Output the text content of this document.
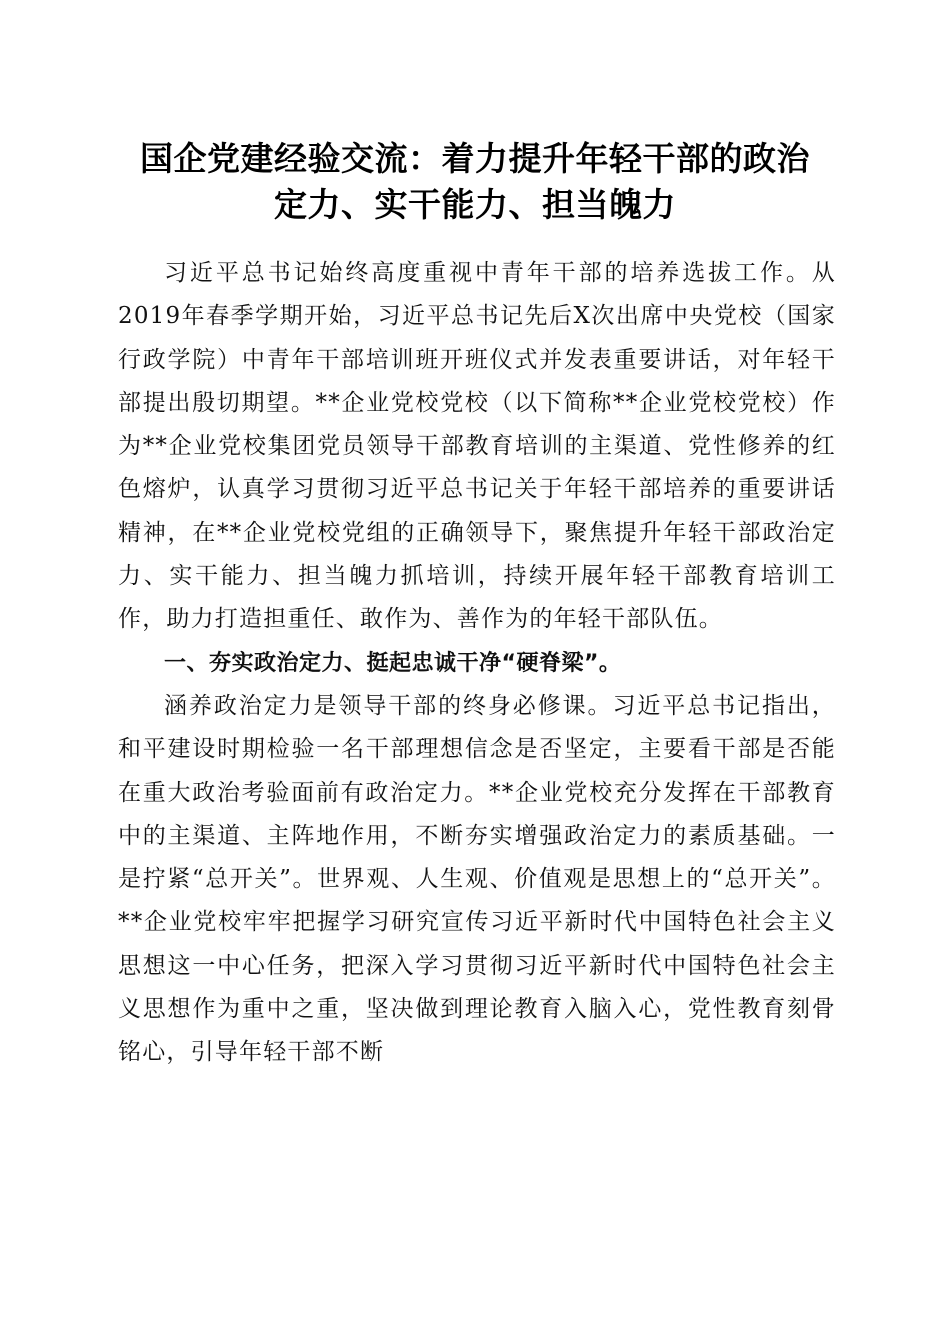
国企党建经验交流：着力提升年轻干部的政治
定力、实干能力、担当魄力

习近平总书记始终高度重视中青年干部的培养选拔工作。从2019年春季学期开始，习近平总书记先后X次出席中央党校（国家行政学院）中青年干部培训班开班仪式并发表重要讲话，对年轻干部提出殷切期望。**企业党校党校（以下简称**企业党校党校）作为**企业党校集团党员领导干部教育培训的主渠道、党性修养的红色熔炉，认真学习贯彻习近平总书记关于年轻干部培养的重要讲话精神，在**企业党校党组的正确领导下，聚焦提升年轻干部政治定力、实干能力、担当魄力抓培训，持续开展年轻干部教育培训工作，助力打造担重任、敢作为、善作为的年轻干部队伍。

一、夯实政治定力、挺起忠诚干净“硬脊梁”。

涵养政治定力是领导干部的终身必修课。习近平总书记指出，和平建设时期检验一名干部理想信念是否坚定，主要看干部是否能在重大政治考验面前有政治定力。**企业党校充分发挥在干部教育中的主渠道、主阵地作用，不断夯实增强政治定力的素质基础。一是拧紧“总开关”。世界观、人生观、价值观是思想上的“总开关”。**企业党校牢牢把握学习研究宣传习近平新时代中国特色社会主义思想这一中心任务，把深入学习贯彻习近平新时代中国特色社会主义思想作为重中之重，坚决做到理论教育入脑入心，党性教育刻骨铭心，引导年轻干部不断
